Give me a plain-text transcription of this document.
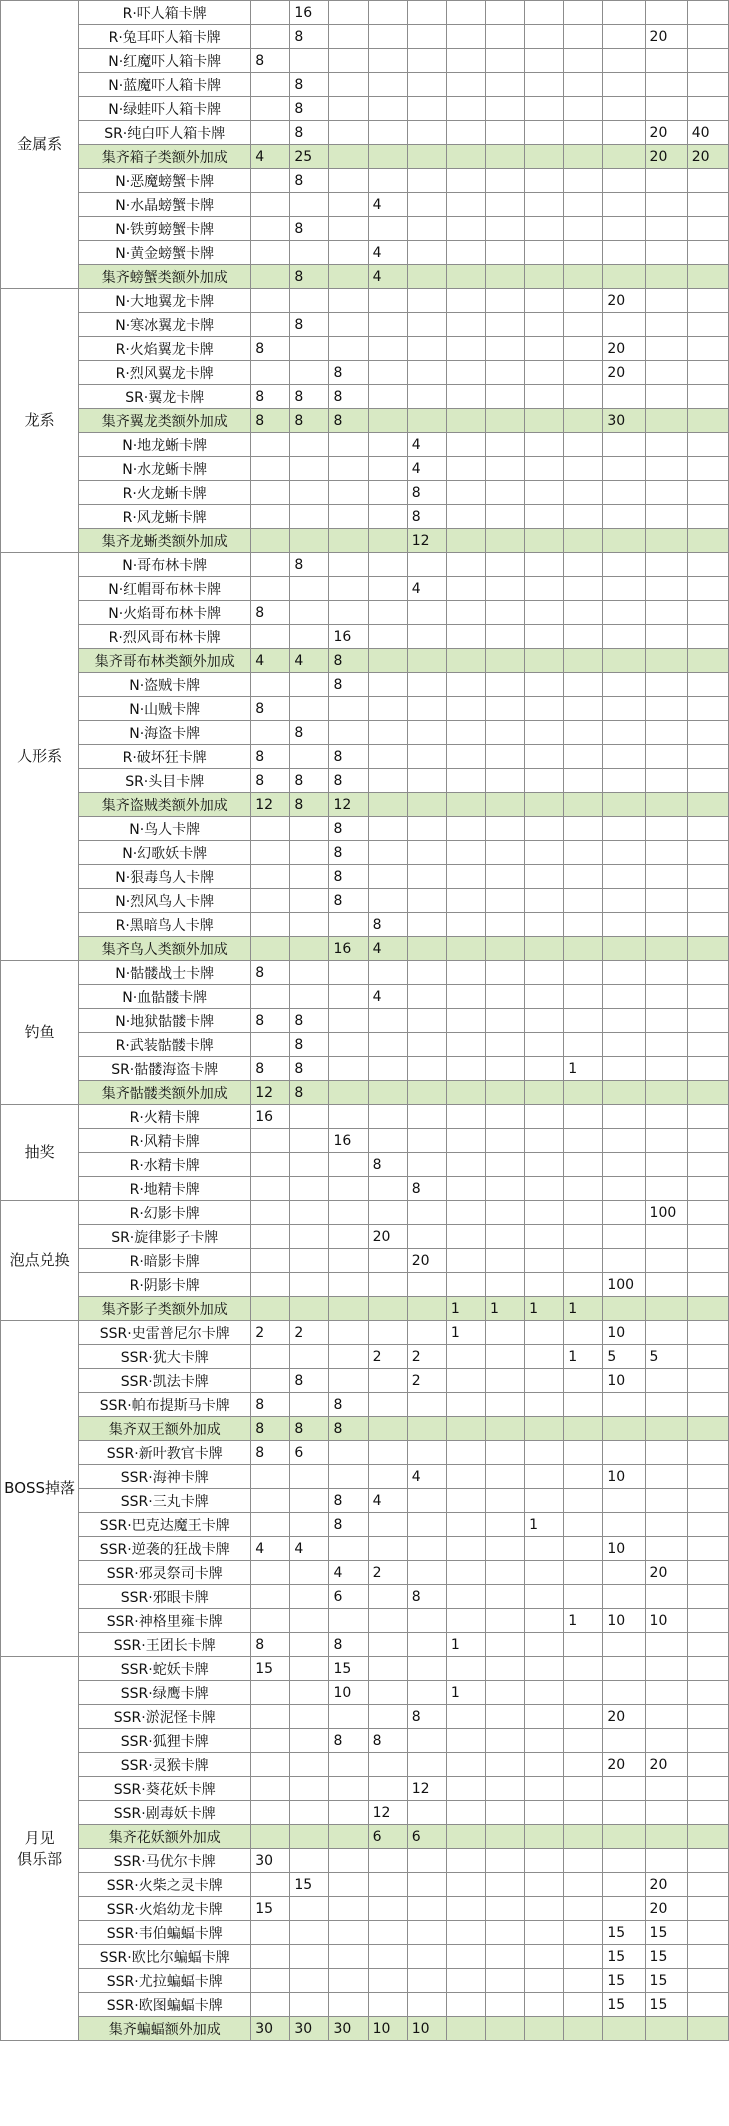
金属系	R·吓人箱卡牌		16										
	R·兔耳吓人箱卡牌		8									20	
	N·红魔吓人箱卡牌	8											
	N·蓝魔吓人箱卡牌		8										
	N·绿蛙吓人箱卡牌		8										
	SR·纯白吓人箱卡牌		8									20	40
	集齐箱子类额外加成	4	25									20	20
	N·恶魔螃蟹卡牌		8										
	N·水晶螃蟹卡牌				4								
	N·铁剪螃蟹卡牌		8										
	N·黄金螃蟹卡牌				4								
	集齐螃蟹类额外加成		8		4								
龙系	N·大地翼龙卡牌										20		
	N·寒冰翼龙卡牌		8										
	R·火焰翼龙卡牌	8									20		
	R·烈风翼龙卡牌			8							20		
	SR·翼龙卡牌	8	8	8									
	集齐翼龙类额外加成	8	8	8							30		
	N·地龙蜥卡牌					4							
	N·水龙蜥卡牌					4							
	R·火龙蜥卡牌					8							
	R·风龙蜥卡牌					8							
	集齐龙蜥类额外加成					12							
人形系	N·哥布林卡牌		8										
	N·红帽哥布林卡牌					4							
	N·火焰哥布林卡牌	8											
	R·烈风哥布林卡牌			16									
	集齐哥布林类额外加成	4	4	8									
	N·盗贼卡牌			8									
	N·山贼卡牌	8											
	N·海盗卡牌		8										
	R·破坏狂卡牌	8		8									
	SR·头目卡牌	8	8	8									
	集齐盗贼类额外加成	12	8	12									
	N·鸟人卡牌			8									
	N·幻歌妖卡牌			8									
	N·狠毒鸟人卡牌			8									
	N·烈风鸟人卡牌			8									
	R·黑暗鸟人卡牌				8								
	集齐鸟人类额外加成			16	4								
钓鱼	N·骷髅战士卡牌	8											
	N·血骷髅卡牌				4								
	N·地狱骷髅卡牌	8	8										
	R·武装骷髅卡牌		8										
	SR·骷髅海盗卡牌	8	8							1			
	集齐骷髅类额外加成	12	8										
抽奖	R·火精卡牌	16											
	R·风精卡牌			16									
	R·水精卡牌				8								
	R·地精卡牌					8							
泡点兑换	R·幻影卡牌											100	
	SR·旋律影子卡牌				20								
	R·暗影卡牌					20							
	R·阴影卡牌										100		
	集齐影子类额外加成						1	1	1	1			
BOSS掉落	SSR·史雷普尼尔卡牌	2	2				1				10		
	SSR·犹大卡牌				2	2				1	5	5	
	SSR·凯法卡牌		8			2					10		
	SSR·帕布提斯马卡牌	8		8									
	集齐双王额外加成	8	8	8									
	SSR·新叶教官卡牌	8	6										
	SSR·海神卡牌					4					10		
	SSR·三丸卡牌			8	4								
	SSR·巴克达魔王卡牌			8					1				
	SSR·逆袭的狂战卡牌	4	4								10		
	SSR·邪灵祭司卡牌			4	2							20	
	SSR·邪眼卡牌			6		8							
	SSR·神格里雍卡牌									1	10	10	
	SSR·王团长卡牌	8		8			1						
月见
俱乐部	SSR·蛇妖卡牌	15		15									
	SSR·绿鹰卡牌			10			1						
	SSR·淤泥怪卡牌					8					20		
	SSR·狐狸卡牌			8	8								
	SSR·灵猴卡牌										20	20	
	SSR·葵花妖卡牌					12							
	SSR·剧毒妖卡牌				12								
	集齐花妖额外加成				6	6							
	SSR·马优尔卡牌	30											
	SSR·火柴之灵卡牌		15									20	
	SSR·火焰幼龙卡牌	15										20	
	SSR·韦伯蝙蝠卡牌										15	15	
	SSR·欧比尔蝙蝠卡牌										15	15	
	SSR·尤拉蝙蝠卡牌										15	15	
	SSR·欧图蝙蝠卡牌										15	15	
	集齐蝙蝠额外加成	30	30	30	10	10							
